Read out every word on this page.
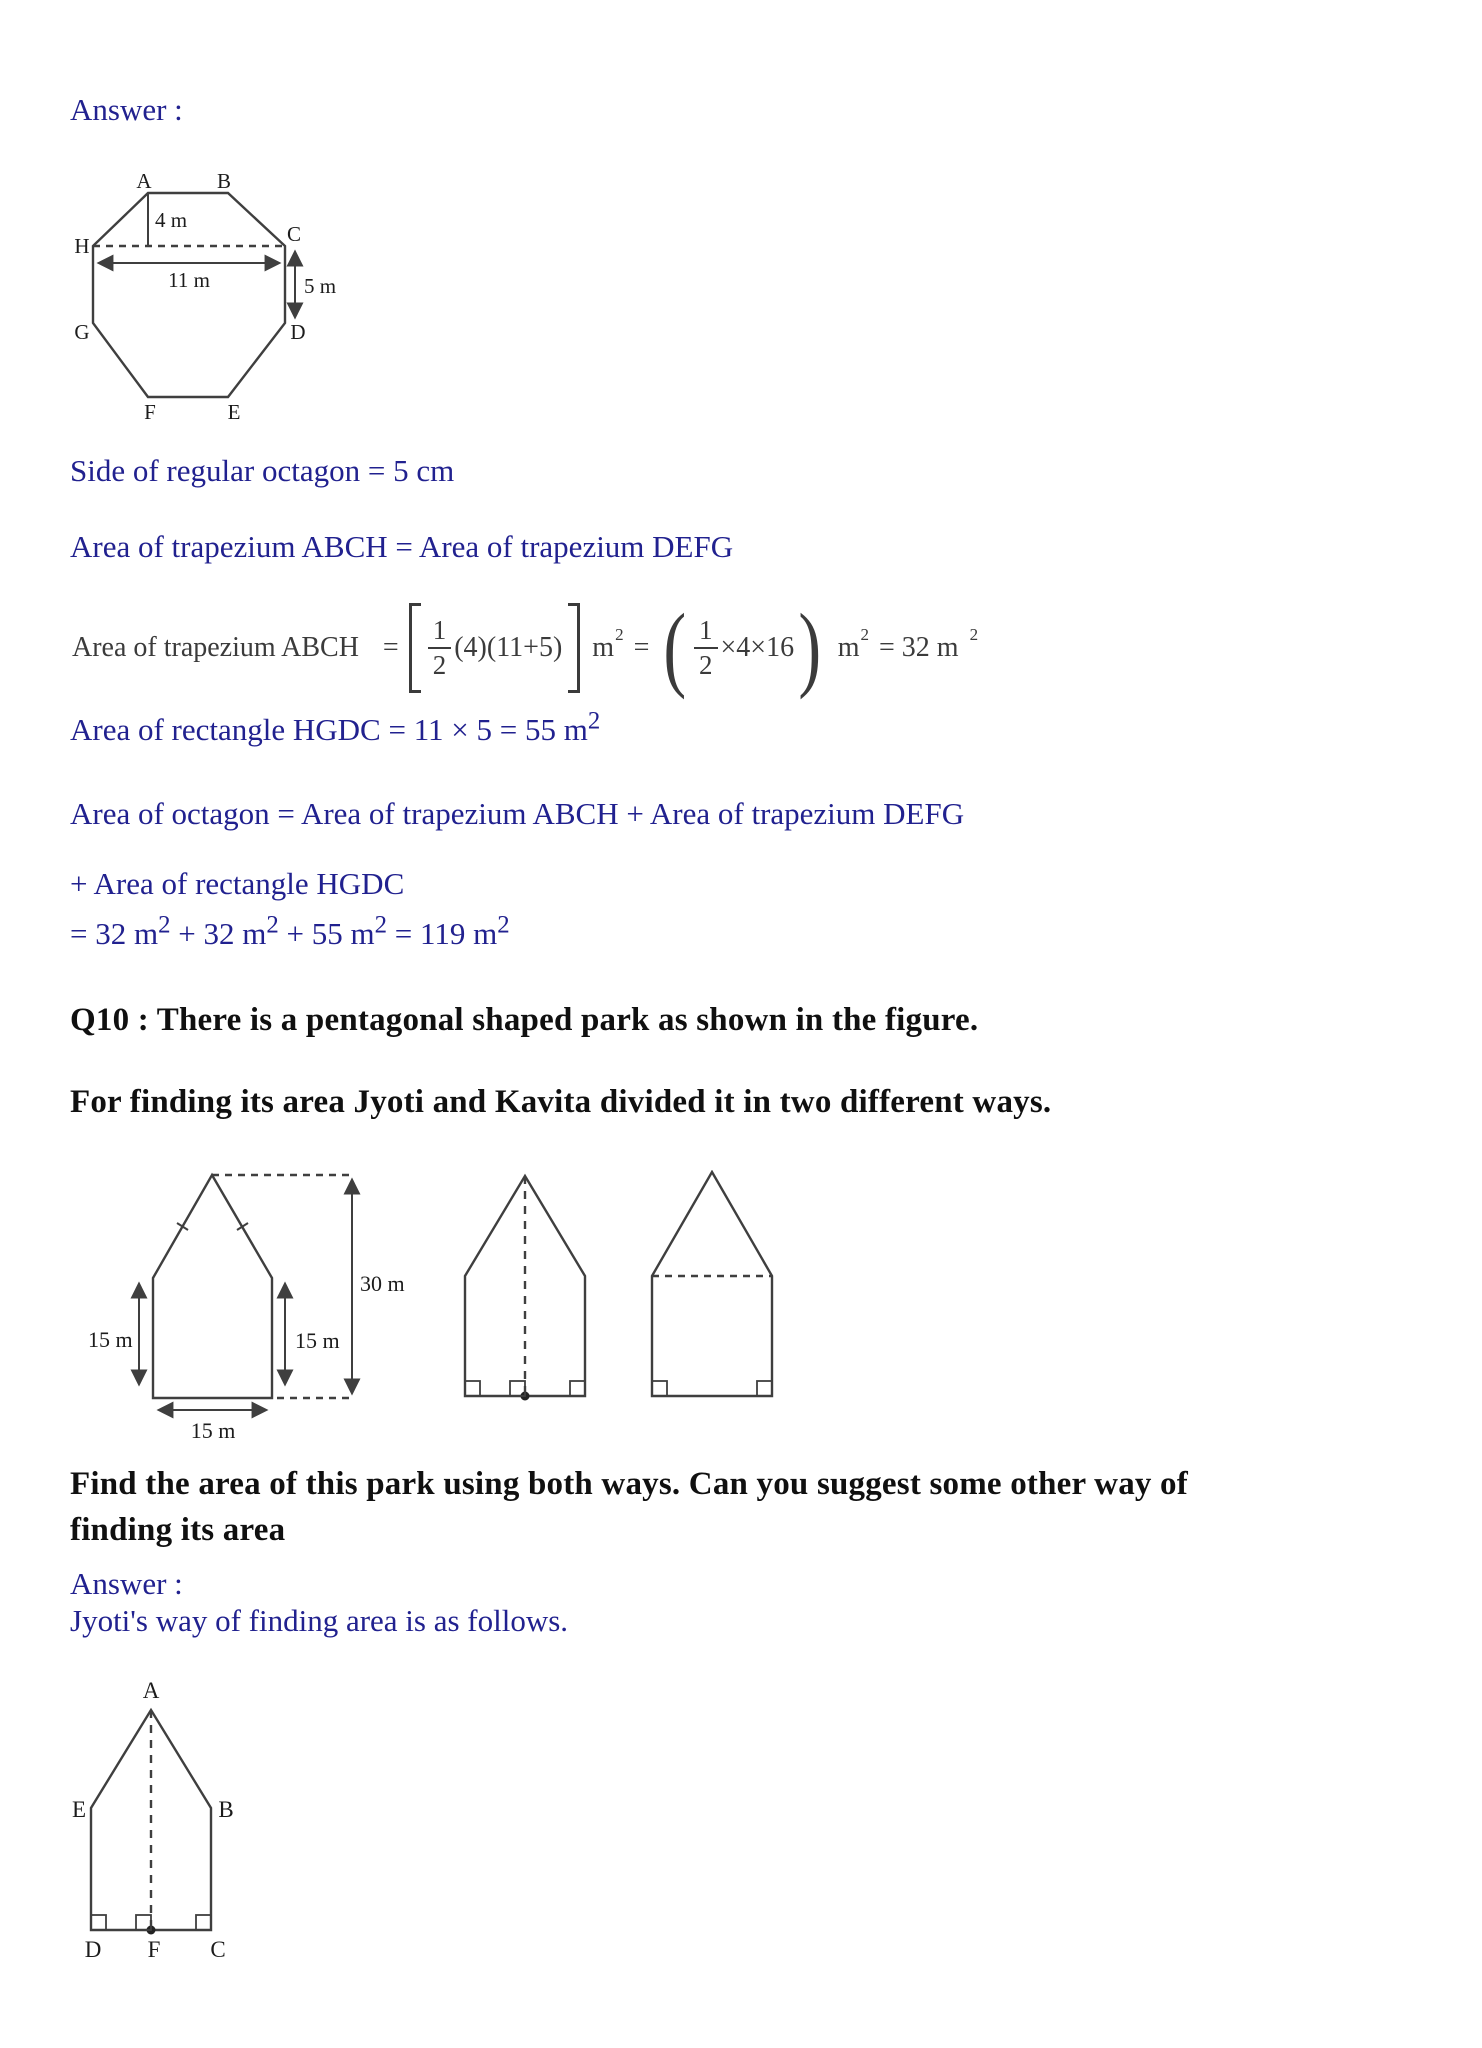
Answer :
A	B
H	C
G	D
F	E
4 m
11 m	5 m
Side of regular octagon = 5 cm
Area of trapezium ABCH = Area of trapezium DEFG
Area of trapezium ABCH = $\frac{1}{2} (4)(11+5)$ m 2 = ( $\frac{1}{2} \times 4\times 16$ ) m 2 = 32 m 2
Area of rectangle HGDC = 11 × 5 = 55 $m^2$
Area of octagon = Area of trapezium ABCH + Area of trapezium DEFG
+ Area of rectangle HGDC
= 32 $m^2 + 32$ $m^2 + 55$ $m^2 = 119$ $m^2$
Q10 : There is a pentagonal shaped park as shown in the figure.
For finding its area Jyoti and Kavita divided it in two different ways.
30 m
15 m	15 m
15 m
Find the area of this park using both ways. Can you suggest some other way of
finding its area
Answer :
Jyoti's way of finding area is as follows.
A
E	B
D F C
